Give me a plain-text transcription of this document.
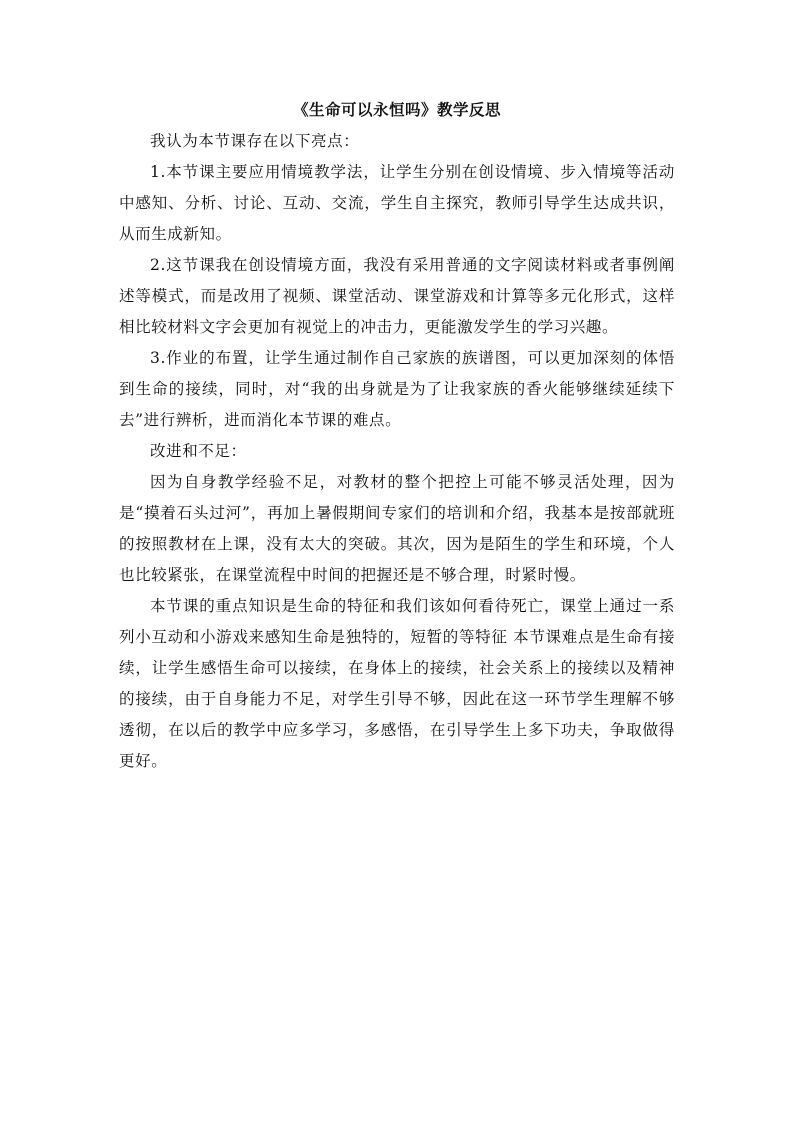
《生命可以永恒吗》教学反思

我认为本节课存在以下亮点：

1.本节课主要应用情境教学法，让学生分别在创设情境、步入情境等活动中感知、分析、讨论、互动、交流，学生自主探究，教师引导学生达成共识，从而生成新知。

2.这节课我在创设情境方面，我没有采用普通的文字阅读材料或者事例阐述等模式，而是改用了视频、课堂活动、课堂游戏和计算等多元化形式，这样相比较材料文字会更加有视觉上的冲击力，更能激发学生的学习兴趣。

3.作业的布置，让学生通过制作自己家族的族谱图，可以更加深刻的体悟到生命的接续，同时，对“我的出身就是为了让我家族的香火能够继续延续下去”进行辨析，进而消化本节课的难点。

改进和不足：

因为自身教学经验不足，对教材的整个把控上可能不够灵活处理，因为是“摸着石头过河”，再加上暑假期间专家们的培训和介绍，我基本是按部就班的按照教材在上课，没有太大的突破。其次，因为是陌生的学生和环境，个人也比较紧张，在课堂流程中时间的把握还是不够合理，时紧时慢。

本节课的重点知识是生命的特征和我们该如何看待死亡，课堂上通过一系列小互动和小游戏来感知生命是独特的，短暂的等特征 本节课难点是生命有接续，让学生感悟生命可以接续，在身体上的接续，社会关系上的接续以及精神的接续，由于自身能力不足，对学生引导不够，因此在这一环节学生理解不够透彻，在以后的教学中应多学习，多感悟，在引导学生上多下功夫，争取做得更好。
